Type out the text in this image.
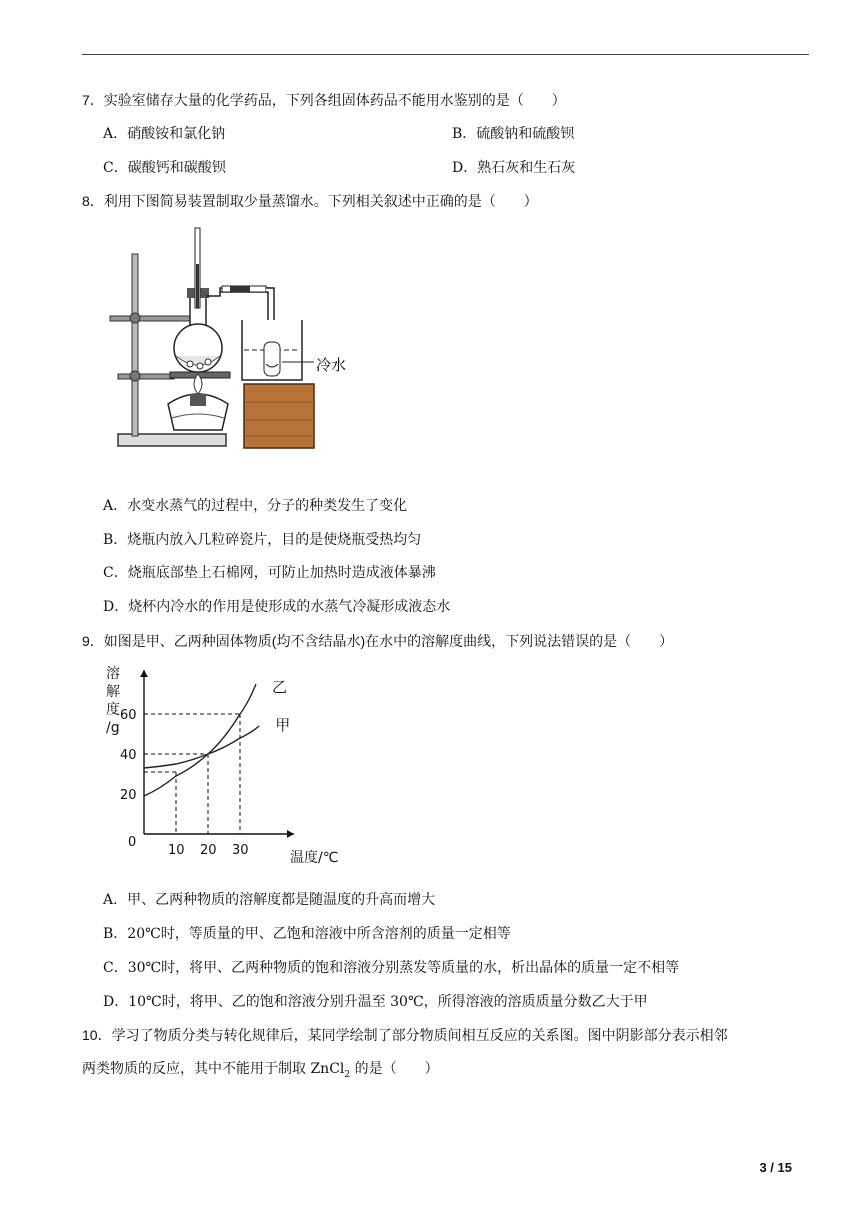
7．实验室储存大量的化学药品，下列各组固体药品不能用水鉴别的是（　　）
A．硝酸铵和氯化钠	B．硫酸钠和硫酸钡
C．碳酸钙和碳酸钡	D．熟石灰和生石灰
8．利用下图简易装置制取少量蒸馏水。下列相关叙述中正确的是（　　）
冷水
A．水变水蒸气的过程中，分子的种类发生了变化
B．烧瓶内放入几粒碎瓷片，目的是使烧瓶受热均匀
C．烧瓶底部垫上石棉网，可防止加热时造成液体暴沸
D．烧杯内冷水的作用是使形成的水蒸气冷凝形成液态水
9．如图是甲、乙两种固体物质(均不含结晶水)在水中的溶解度曲线，下列说法错误的是（　　）
溶
解
度
/g
温度/℃
0
10 20 30
20
40
60
乙
甲
A．甲、乙两种物质的溶解度都是随温度的升高而增大
B．20℃时，等质量的甲、乙饱和溶液中所含溶剂的质量一定相等
C．30℃时，将甲、乙两种物质的饱和溶液分别蒸发等质量的水，析出晶体的质量一定不相等
D．10℃时，将甲、乙的饱和溶液分别升温至 30℃，所得溶液的溶质质量分数乙大于甲
10．学习了物质分类与转化规律后，某同学绘制了部分物质间相互反应的关系图。图中阴影部分表示相邻
两类物质的反应，其中不能用于制取 ZnCl$_2$ 的是（　　）
3 / 15
